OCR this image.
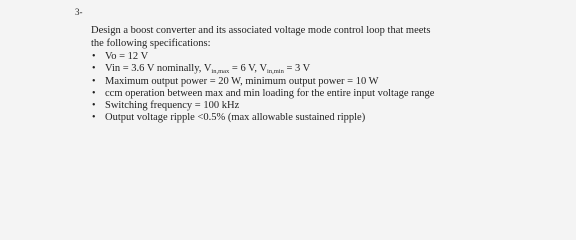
3-
Design a boost converter and its associated voltage mode control loop that meets
the following specifications:
• Vo = 12 V
• Vin = 3.6 V nominally, $V_{in,max} = 6$ V, $V_{in,min} = 3$ V
• Maximum output power = 20 W, minimum output power = 10 W
• ccm operation between max and min loading for the entire input voltage range
• Switching frequency = 100 kHz
• Output voltage ripple <0.5% (max allowable sustained ripple)
